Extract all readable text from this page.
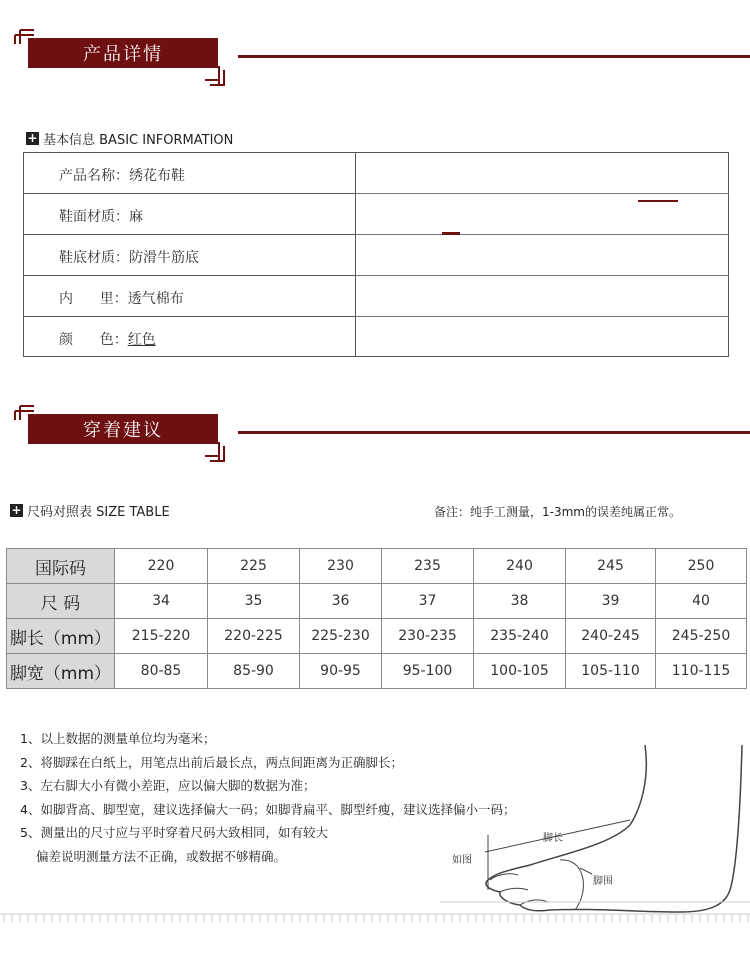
产品详情
+ 基本信息 BASIC INFORMATION
产品名称：绣花布鞋
鞋面材质：麻
鞋底材质：防滑牛筋底
内      里：透气棉布
颜      色：红色
穿着建议
+ 尺码对照表 SIZE TABLE	备注：纯手工测量，1-3mm的误差纯属正常。
国际码	220	225	230	235	240	245	250
尺 码	34	35	36	37	38	39	40
脚长（mm）	215-220	220-225	225-230	230-235	235-240	240-245	245-250
脚宽（mm）	80-85	85-90	90-95	95-100	100-105	105-110	110-115
1、以上数据的测量单位均为毫米；
2、将脚踩在白纸上，用笔点出前后最长点，两点间距离为正确脚长；
3、左右脚大小有微小差距，应以偏大脚的数据为准；
4、如脚背高、脚型宽，建议选择偏大一码；如脚背扁平、脚型纤瘦，建议选择偏小一码；
5、测量出的尺寸应与平时穿着尺码大致相同，如有较大
偏差说明测量方法不正确，或数据不够精确。
脚长
如图
脚围
